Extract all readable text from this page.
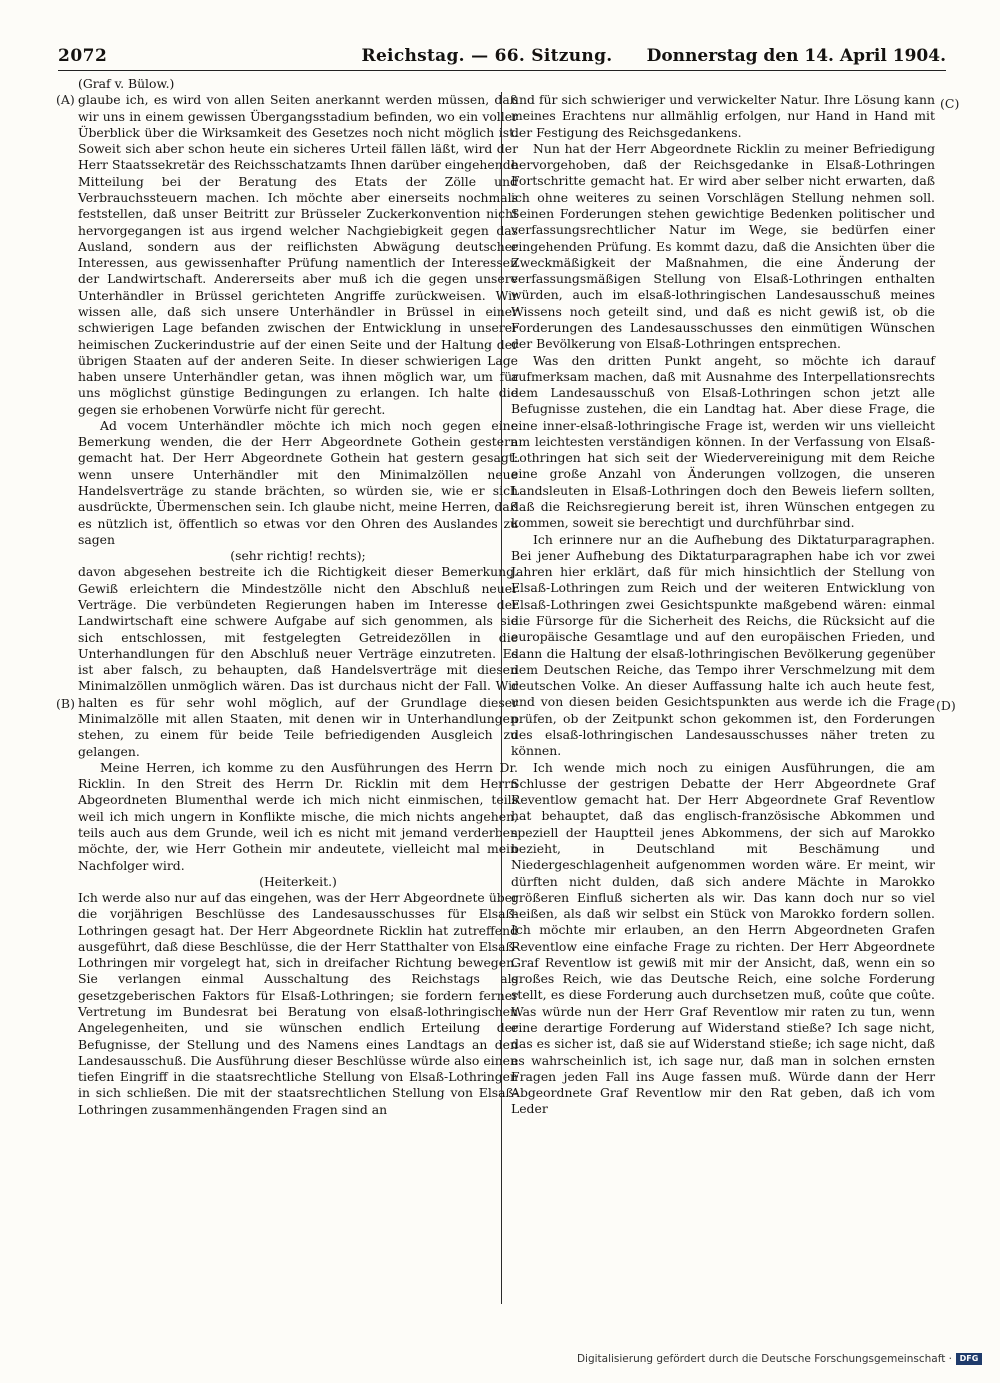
2072	Reichstag. — 66. Sitzung.	Donnerstag den 14. April 1904.
(A)
(B)
(C)
(D)

(Graf v. Bülow.)

glaube ich, es wird von allen Seiten anerkannt werden müssen, daß wir uns in einem gewissen Übergangsstadium befinden, wo ein voller Überblick über die Wirksamkeit des Gesetzes noch nicht möglich ist. Soweit sich aber schon heute ein sicheres Urteil fällen läßt, wird der Herr Staatssekretär des Reichsschatzamts Ihnen darüber eingehende Mitteilung bei der Beratung des Etats der Zölle und Verbrauchssteuern machen. Ich möchte aber einerseits nochmals feststellen, daß unser Beitritt zur Brüsseler Zuckerkonvention nicht hervorgegangen ist aus irgend welcher Nachgiebigkeit gegen das Ausland, sondern aus der reiflichsten Abwägung deutscher Interessen, aus gewissenhafter Prüfung namentlich der Interessen der Landwirtschaft. Andererseits aber muß ich die gegen unsere Unterhändler in Brüssel gerichteten Angriffe zurückweisen. Wir wissen alle, daß sich unsere Unterhändler in Brüssel in einer schwierigen Lage befanden zwischen der Entwicklung in unserer heimischen Zuckerindustrie auf der einen Seite und der Haltung der übrigen Staaten auf der anderen Seite. In dieser schwierigen Lage haben unsere Unterhändler getan, was ihnen möglich war, um für uns möglichst günstige Bedingungen zu erlangen. Ich halte die gegen sie erhobenen Vorwürfe nicht für gerecht.

Ad vocem Unterhändler möchte ich mich noch gegen eine Bemerkung wenden, die der Herr Abgeordnete Gothein gestern gemacht hat. Der Herr Abgeordnete Gothein hat gestern gesagt: wenn unsere Unterhändler mit den Minimalzöllen neue Handelsverträge zu stande brächten, so würden sie, wie er sich ausdrückte, Übermenschen sein. Ich glaube nicht, meine Herren, daß es nützlich ist, öffentlich so etwas vor den Ohren des Auslandes zu sagen

(sehr richtig! rechts);

davon abgesehen bestreite ich die Richtigkeit dieser Bemerkung. Gewiß erleichtern die Mindestzölle nicht den Abschluß neuer Verträge. Die verbündeten Regierungen haben im Interesse der Landwirtschaft eine schwere Aufgabe auf sich genommen, als sie sich entschlossen, mit festgelegten Getreidezöllen in die Unterhandlungen für den Abschluß neuer Verträge einzutreten. Es ist aber falsch, zu behaupten, daß Handelsverträge mit diesen Minimalzöllen unmöglich wären. Das ist durchaus nicht der Fall. Wir halten es für sehr wohl möglich, auf der Grundlage dieser Minimalzölle mit allen Staaten, mit denen wir in Unterhandlungen stehen, zu einem für beide Teile befriedigenden Ausgleich zu gelangen.

Meine Herren, ich komme zu den Ausführungen des Herrn Dr. Ricklin. In den Streit des Herrn Dr. Ricklin mit dem Herrn Abgeordneten Blumenthal werde ich mich nicht einmischen, teils weil ich mich ungern in Konflikte mische, die mich nichts angehen, teils auch aus dem Grunde, weil ich es nicht mit jemand verderben möchte, der, wie Herr Gothein mir andeutete, vielleicht mal mein Nachfolger wird.

(Heiterkeit.)

Ich werde also nur auf das eingehen, was der Herr Abgeordnete über die vorjährigen Beschlüsse des Landesausschusses für Elsaß-Lothringen gesagt hat. Der Herr Abgeordnete Ricklin hat zutreffend ausgeführt, daß diese Beschlüsse, die der Herr Statthalter von Elsaß-Lothringen mir vorgelegt hat, sich in dreifacher Richtung bewegen. Sie verlangen einmal Ausschaltung des Reichstags als gesetzgeberischen Faktors für Elsaß-Lothringen; sie fordern ferner Vertretung im Bundesrat bei Beratung von elsaß-lothringischen Angelegenheiten, und sie wünschen endlich Erteilung der Befugnisse, der Stellung und des Namens eines Landtags an den Landesausschuß. Die Ausführung dieser Beschlüsse würde also einen tiefen Eingriff in die staatsrechtliche Stellung von Elsaß-Lothringen in sich schließen. Die mit der staatsrechtlichen Stellung von Elsaß-Lothringen zusammenhängenden Fragen sind an

und für sich schwieriger und verwickelter Natur. Ihre Lösung kann meines Erachtens nur allmählig erfolgen, nur Hand in Hand mit der Festigung des Reichsgedankens.

Nun hat der Herr Abgeordnete Ricklin zu meiner Befriedigung hervorgehoben, daß der Reichsgedanke in Elsaß-Lothringen Fortschritte gemacht hat. Er wird aber selber nicht erwarten, daß ich ohne weiteres zu seinen Vorschlägen Stellung nehmen soll. Seinen Forderungen stehen gewichtige Bedenken politischer und verfassungsrechtlicher Natur im Wege, sie bedürfen einer eingehenden Prüfung. Es kommt dazu, daß die Ansichten über die Zweckmäßigkeit der Maßnahmen, die eine Änderung der verfassungsmäßigen Stellung von Elsaß-Lothringen enthalten würden, auch im elsaß-lothringischen Landesausschuß meines Wissens noch geteilt sind, und daß es nicht gewiß ist, ob die Forderungen des Landesausschusses den einmütigen Wünschen der Bevölkerung von Elsaß-Lothringen entsprechen.

Was den dritten Punkt angeht, so möchte ich darauf aufmerksam machen, daß mit Ausnahme des Interpellationsrechts dem Landesausschuß von Elsaß-Lothringen schon jetzt alle Befugnisse zustehen, die ein Landtag hat. Aber diese Frage, die eine inner-elsaß-lothringische Frage ist, werden wir uns vielleicht am leichtesten verständigen können. In der Verfassung von Elsaß-Lothringen hat sich seit der Wiedervereinigung mit dem Reiche eine große Anzahl von Änderungen vollzogen, die unseren Landsleuten in Elsaß-Lothringen doch den Beweis liefern sollten, daß die Reichsregierung bereit ist, ihren Wünschen entgegen zu kommen, soweit sie berechtigt und durchführbar sind.

Ich erinnere nur an die Aufhebung des Diktaturparagraphen. Bei jener Aufhebung des Diktaturparagraphen habe ich vor zwei Jahren hier erklärt, daß für mich hinsichtlich der Stellung von Elsaß-Lothringen zum Reich und der weiteren Entwicklung von Elsaß-Lothringen zwei Gesichtspunkte maßgebend wären: einmal die Fürsorge für die Sicherheit des Reichs, die Rücksicht auf die europäische Gesamtlage und auf den europäischen Frieden, und dann die Haltung der elsaß-lothringischen Bevölkerung gegenüber dem Deutschen Reiche, das Tempo ihrer Verschmelzung mit dem deutschen Volke. An dieser Auffassung halte ich auch heute fest, und von diesen beiden Gesichtspunkten aus werde ich die Frage prüfen, ob der Zeitpunkt schon gekommen ist, den Forderungen des elsaß-lothringischen Landesausschusses näher treten zu können.

Ich wende mich noch zu einigen Ausführungen, die am Schlusse der gestrigen Debatte der Herr Abgeordnete Graf Reventlow gemacht hat. Der Herr Abgeordnete Graf Reventlow hat behauptet, daß das englisch-französische Abkommen und speziell der Hauptteil jenes Abkommens, der sich auf Marokko bezieht, in Deutschland mit Beschämung und Niedergeschlagenheit aufgenommen worden wäre. Er meint, wir dürften nicht dulden, daß sich andere Mächte in Marokko größeren Einfluß sicherten als wir. Das kann doch nur so viel heißen, als daß wir selbst ein Stück von Marokko fordern sollen. Ich möchte mir erlauben, an den Herrn Abgeordneten Grafen Reventlow eine einfache Frage zu richten. Der Herr Abgeordnete Graf Reventlow ist gewiß mit mir der Ansicht, daß, wenn ein so großes Reich, wie das Deutsche Reich, eine solche Forderung stellt, es diese Forderung auch durchsetzen muß, coûte que coûte. Was würde nun der Herr Graf Reventlow mir raten zu tun, wenn eine derartige Forderung auf Widerstand stieße? Ich sage nicht, das es sicher ist, daß sie auf Widerstand stieße; ich sage nicht, daß es wahrscheinlich ist, ich sage nur, daß man in solchen ernsten Fragen jeden Fall ins Auge fassen muß. Würde dann der Herr Abgeordnete Graf Reventlow mir den Rat geben, daß ich vom Leder

Digitalisierung gefördert durch die Deutsche Forschungsgemeinschaft · DFG
